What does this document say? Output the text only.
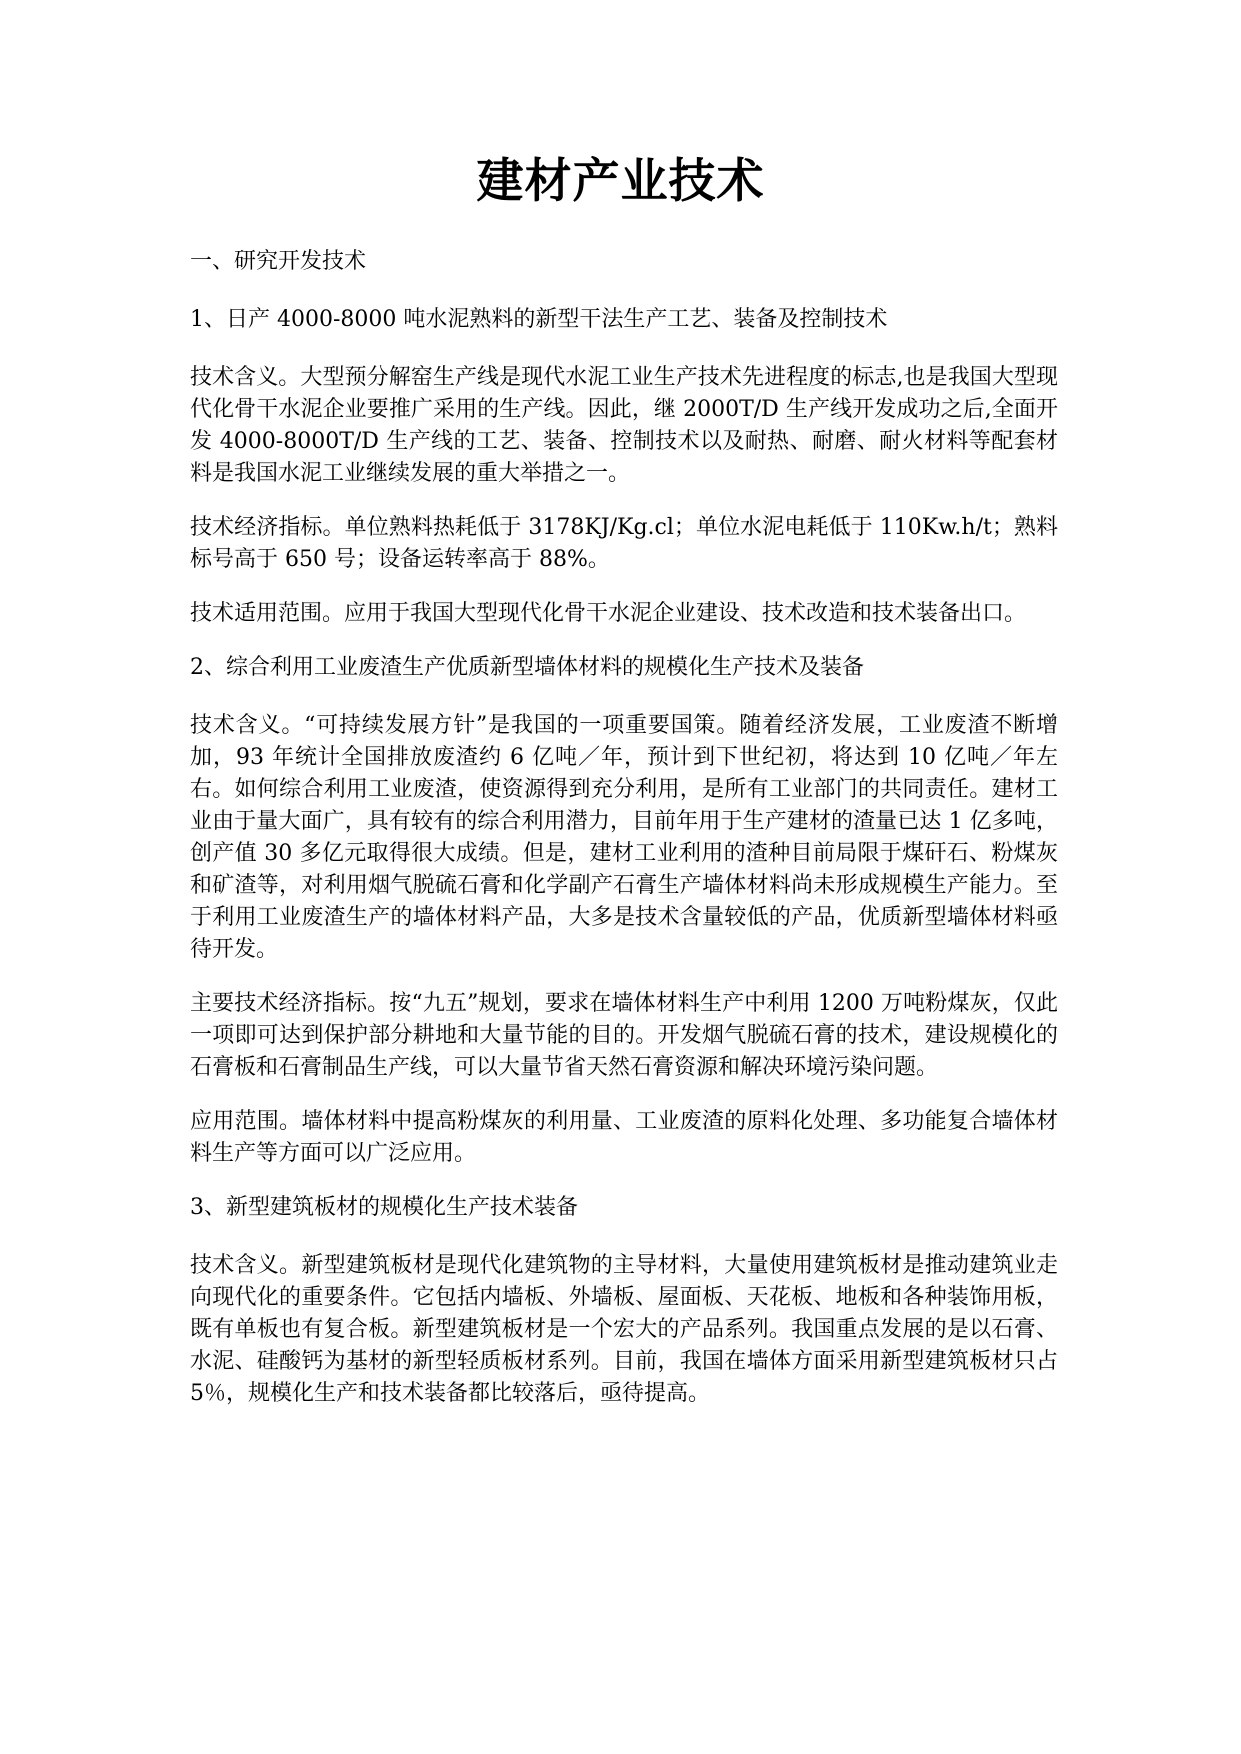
建材产业技术

一、研究开发技术

1、日产 4000-8000 吨水泥熟料的新型干法生产工艺、装备及控制技术

技术含义。大型预分解窑生产线是现代水泥工业生产技术先进程度的标志,也是我国大型现代化骨干水泥企业要推广采用的生产线。因此，继 2000T/D 生产线开发成功之后,全面开发 4000-8000T/D 生产线的工艺、装备、控制技术以及耐热、耐磨、耐火材料等配套材料是我国水泥工业继续发展的重大举措之一。

技术经济指标。单位熟料热耗低于 3178KJ/Kg.cl；单位水泥电耗低于 110Kw.h/t；熟料标号高于 650 号；设备运转率高于 88%。

技术适用范围。应用于我国大型现代化骨干水泥企业建设、技术改造和技术装备出口。

2、综合利用工业废渣生产优质新型墙体材料的规模化生产技术及装备

技术含义。“可持续发展方针”是我国的一项重要国策。随着经济发展，工业废渣不断增加，93 年统计全国排放废渣约 6 亿吨／年，预计到下世纪初，将达到 10 亿吨／年左右。如何综合利用工业废渣，使资源得到充分利用，是所有工业部门的共同责任。建材工业由于量大面广，具有较有的综合利用潜力，目前年用于生产建材的渣量已达 1 亿多吨，创产值 30 多亿元取得很大成绩。但是，建材工业利用的渣种目前局限于煤矸石、粉煤灰和矿渣等，对利用烟气脱硫石膏和化学副产石膏生产墙体材料尚未形成规模生产能力。至于利用工业废渣生产的墙体材料产品，大多是技术含量较低的产品，优质新型墙体材料亟待开发。

主要技术经济指标。按“九五”规划，要求在墙体材料生产中利用 1200 万吨粉煤灰，仅此一项即可达到保护部分耕地和大量节能的目的。开发烟气脱硫石膏的技术，建设规模化的石膏板和石膏制品生产线，可以大量节省天然石膏资源和解决环境污染问题。

应用范围。墙体材料中提高粉煤灰的利用量、工业废渣的原料化处理、多功能复合墙体材料生产等方面可以广泛应用。

3、新型建筑板材的规模化生产技术装备

技术含义。新型建筑板材是现代化建筑物的主导材料，大量使用建筑板材是推动建筑业走向现代化的重要条件。它包括内墙板、外墙板、屋面板、天花板、地板和各种装饰用板，既有单板也有复合板。新型建筑板材是一个宏大的产品系列。我国重点发展的是以石膏、水泥、硅酸钙为基材的新型轻质板材系列。目前，我国在墙体方面采用新型建筑板材只占 5％，规模化生产和技术装备都比较落后，亟待提高。
